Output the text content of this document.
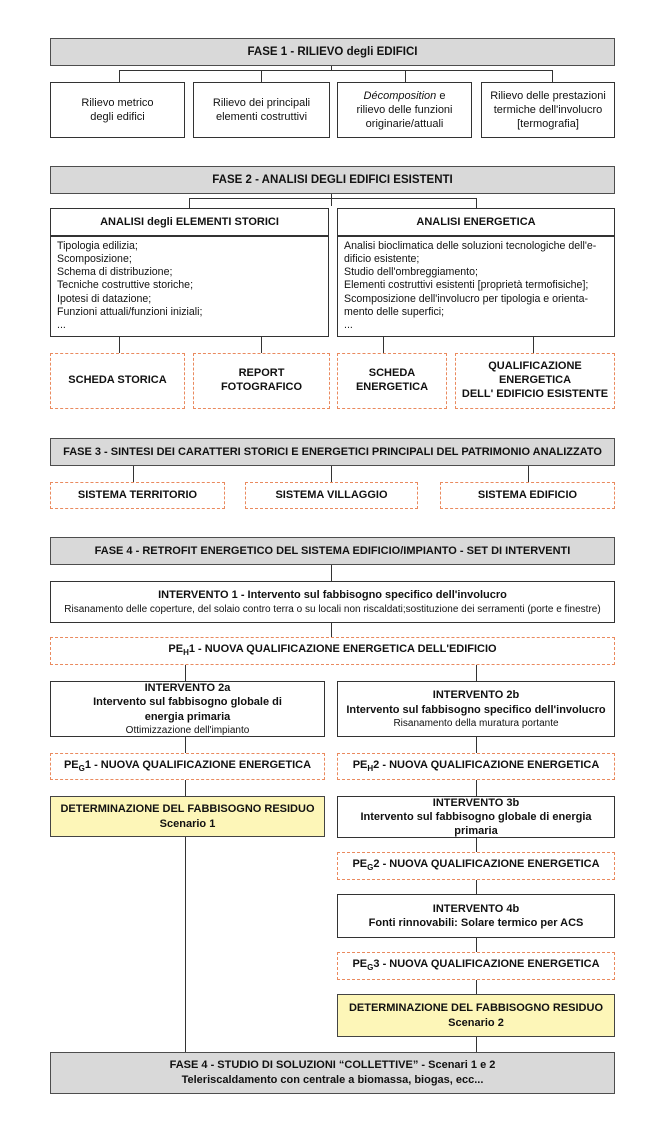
FASE 1 - RILIEVO degli EDIFICI
Rilievo metrico
degli edifici
Rilievo dei principali
elementi costruttivi
Décomposition e
rilievo delle funzioni
originarie/attuali
Rilievo delle prestazioni
termiche dell'involucro
[termografia]
FASE 2 - ANALISI DEGLI EDIFICI ESISTENTI
ANALISI degli ELEMENTI STORICI	ANALISI ENERGETICA
Tipologia edilizia;
Scomposizione;
Schema di distribuzione;
Tecniche costruttive storiche;
Ipotesi di datazione;
Funzioni attuali/funzioni iniziali;
...
Analisi bioclimatica delle soluzioni tecnologiche dell'e-
dificio esistente;
Studio dell'ombreggiamento;
Elementi costruttivi esistenti [proprietà termofisiche];
Scomposizione dell'involucro per tipologia e orienta-
mento delle superfici;
...
SCHEDA STORICA
REPORT
FOTOGRAFICO
SCHEDA
ENERGETICA
QUALIFICAZIONE
ENERGETICA
DELL' EDIFICIO ESISTENTE
FASE 3 - SINTESI DEI CARATTERI STORICI E ENERGETICI PRINCIPALI DEL PATRIMONIO ANALIZZATO
SISTEMA TERRITORIO	SISTEMA VILLAGGIO	SISTEMA EDIFICIO
FASE 4 - RETROFIT ENERGETICO DEL SISTEMA EDIFICIO/IMPIANTO - SET DI INTERVENTI
INTERVENTO 1 - Intervento sul fabbisogno specifico dell'involucro
Risanamento delle coperture, del solaio contro terra o su locali non riscaldati;sostituzione dei serramenti (porte e finestre)
$PE_H1$ - NUOVA QUALIFICAZIONE ENERGETICA DELL'EDIFICIO
INTERVENTO 2a
Intervento sul fabbisogno globale di
energia primaria
Ottimizzazione dell'impianto
INTERVENTO 2b
Intervento sul fabbisogno specifico dell'involucro
Risanamento della muratura portante
$PE_G1$ - NUOVA QUALIFICAZIONE ENERGETICA	$PE_H2$ - NUOVA QUALIFICAZIONE ENERGETICA
DETERMINAZIONE DEL FABBISOGNO RESIDUO
Scenario 1
INTERVENTO 3b
Intervento sul fabbisogno globale di energia primaria
$PE_G2$ - NUOVA QUALIFICAZIONE ENERGETICA
INTERVENTO 4b
Fonti rinnovabili: Solare termico per ACS
$PE_G3$ - NUOVA QUALIFICAZIONE ENERGETICA
DETERMINAZIONE DEL FABBISOGNO RESIDUO
Scenario 2
FASE 4 - STUDIO DI SOLUZIONI “COLLETTIVE” - Scenari 1 e 2
Teleriscaldamento con centrale a biomassa, biogas, ecc...
